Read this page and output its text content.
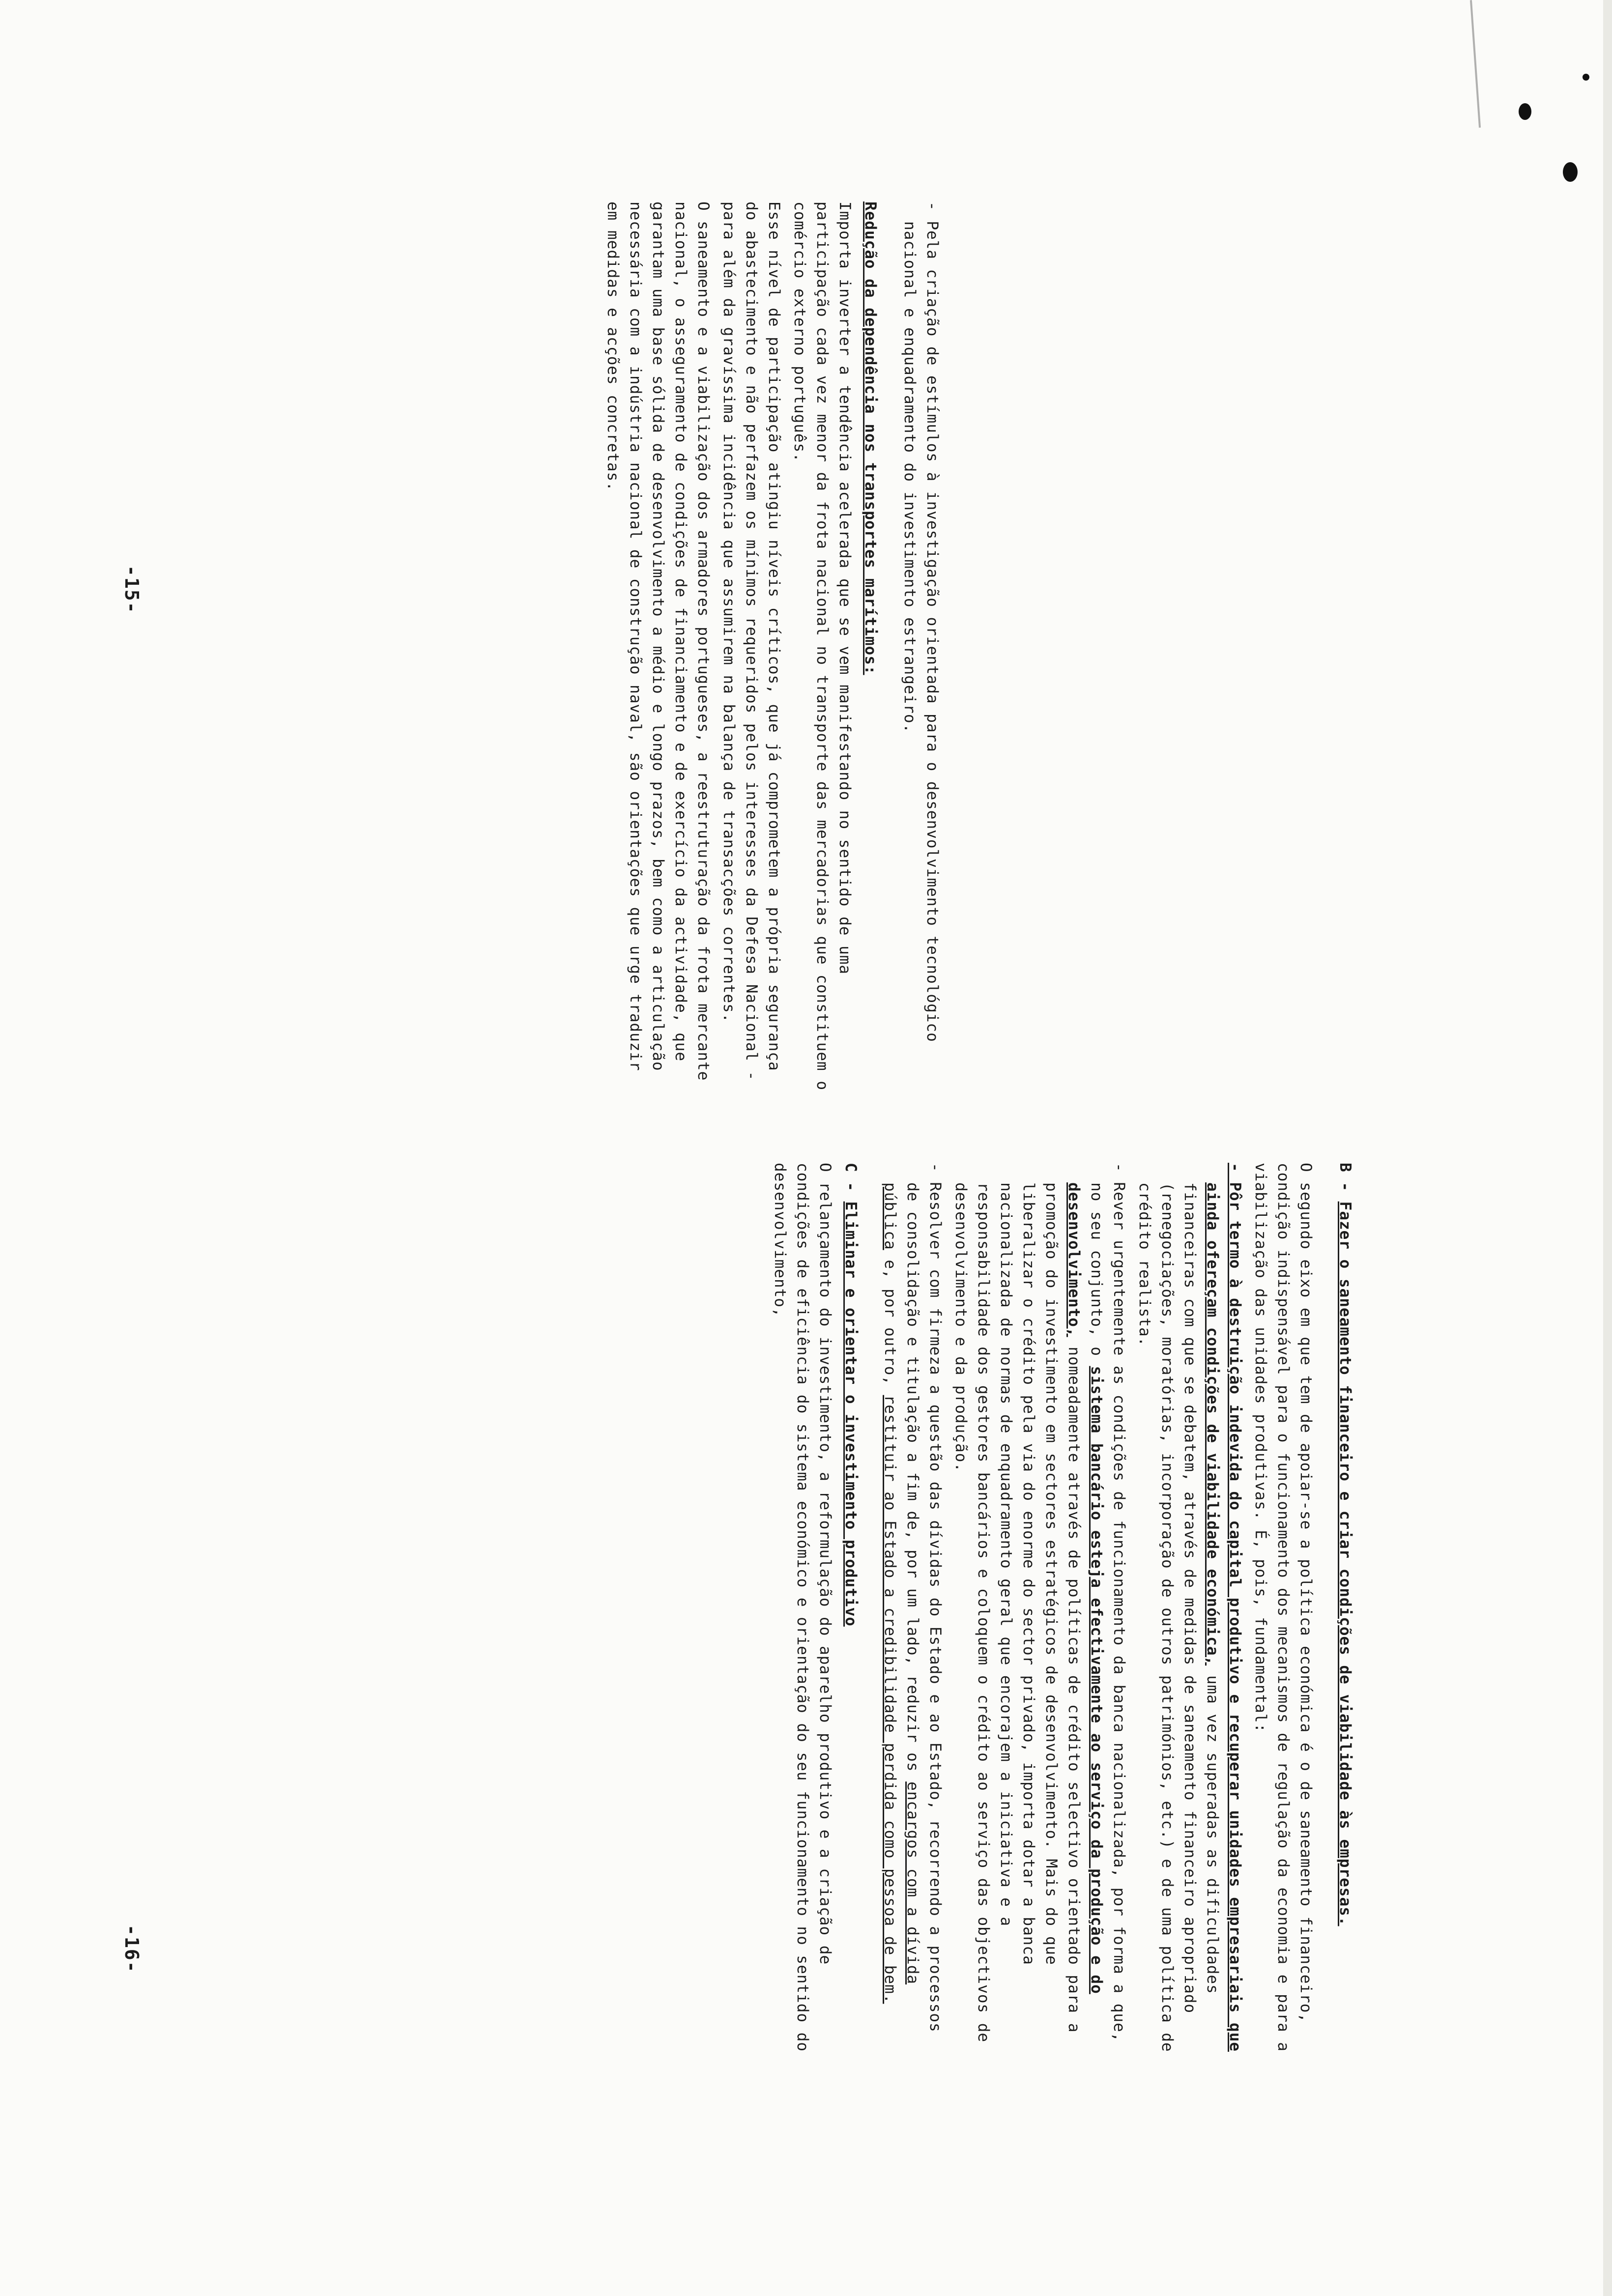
- Pela criação de estímulos à investigação orientada para o desenvolvimento tecnológico nacional e enquadramento do investimento estrangeiro.

Redução da dependência nos transportes marítimos:

Importa inverter a tendência acelerada que se vem manifestando no sentido de uma participação cada vez menor da frota nacional no transporte das mercadorias que constituem o comércio externo português.

Esse nível de participação atingiu níveis críticos, que já comprometem a própria segurança do abastecimento e não perfazem os mínimos requeridos pelos interesses da Defesa Nacional - para além da gravíssima incidência que assumirem na balança de transacções correntes.

O saneamento e a viabilização dos armadores portugueses, a reestruturação da frota mercante nacional, o asseguramento de condições de financiamento e de exercício da actividade, que garantam uma base sólida de desenvolvimento a médio e longo prazos, bem como a articulação necessária com a indústria nacional de construção naval, são orientações que urge traduzir em medidas e acções concretas.

-15-

B - Fazer o saneamento financeiro e criar condições de viabilidade às empresas.

O segundo eixo em que tem de apoiar-se a política económica é o de saneamento financeiro, condição indispensável para o funcionamento dos mecanismos de regulação da economia e para a viabilização das unidades produtivas. É, pois, fundamental:

- Pôr termo à destruição indevida do capital produtivo e recuperar unidades empresariais que ainda ofereçam condições de viabilidade económica, uma vez superadas as dificuldades financeiras com que se debatem, através de medidas de saneamento financeiro apropriado (renegociações, moratórias, incorporação de outros patrimónios, etc.) e de uma política de crédito realista.

- Rever urgentemente as condições de funcionamento da banca nacionalizada, por forma a que, no seu conjunto, o sistema bancário esteja efectivamente ao serviço da produção e do desenvolvimento, nomeadamente através de políticas de crédito selectivo orientado para a promoção do investimento em sectores estratégicos de desenvolvimento. Mais do que liberalizar o crédito pela via do enorme do sector privado, importa dotar a banca nacionalizada de normas de enquadramento geral que encorajem a iniciativa e a responsabilidade dos gestores bancários e coloquem o crédito ao serviço das objectivos de desenvolvimento e da produção.

- Resolver com firmeza a questão das dívidas do Estado e ao Estado, recorrendo a processos de consolidação e titulação a fim de, por um lado, reduzir os encargos com a dívida pública e, por outro, restituir ao Estado a credibilidade perdida como pessoa de bem.

C - Eliminar e orientar o investimento produtivo

O relançamento do investimento, a reformulação do aparelho produtivo e a criação de condições de eficiência do sistema económico e orientação do seu funcionamento no sentido do desenvolvimento,

-16-
